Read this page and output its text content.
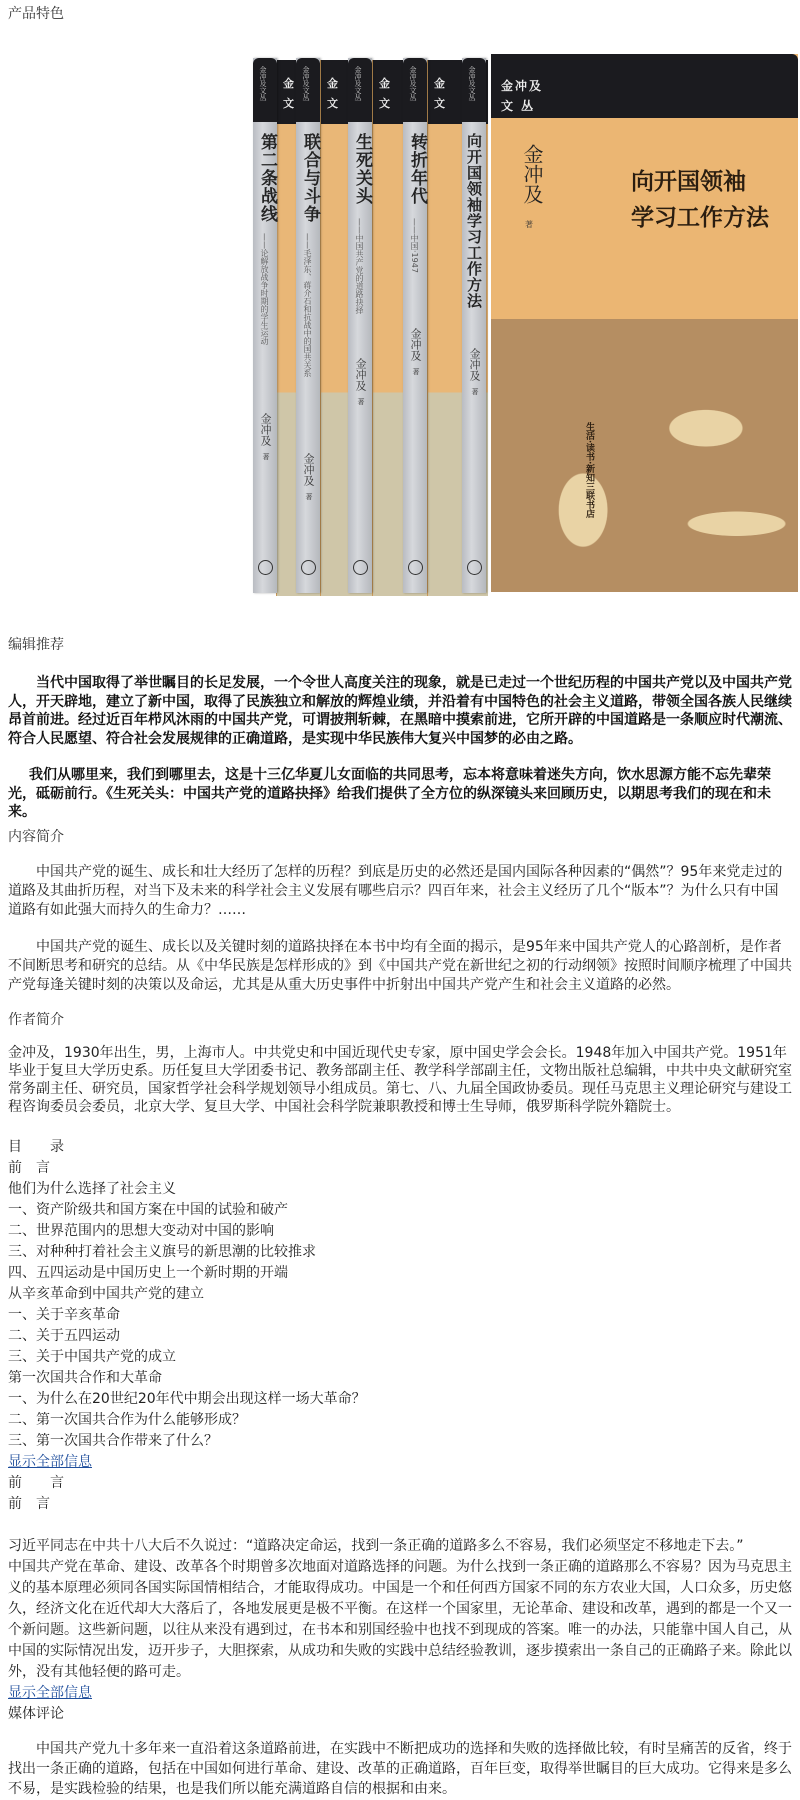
产品特色
金 文
金 文
金 文
金 文
金冲及文丛
第二条战线
——论解放战争时期的学生运动
金冲及
著
金冲及文丛
联合与斗争
——毛泽东、蒋介石和抗战中的国共关系
金冲及
著
金冲及文丛
生死关头
——中国共产党的道路抉择
金冲及
著
金冲及文丛
转折年代
——中国·1947
金冲及
著
金冲及文丛
向开国领袖学习工作方法
金冲及
著
金冲及
文 丛
金冲及
著
向开国领袖
学习工作方法
生活·读书·新知三联书店
编辑推荐
当代中国取得了举世瞩目的长足发展，一个令世人高度关注的现象，就是已走过一个世纪历程的中国共产党以及中国共产党人，开天辟地，建立了新中国，取得了民族独立和解放的辉煌业绩，并沿着有中国特色的社会主义道路，带领全国各族人民继续昂首前进。经过近百年栉风沐雨的中国共产党，可谓披荆斩棘，在黑暗中摸索前进，它所开辟的中国道路是一条顺应时代潮流、符合人民愿望、符合社会发展规律的正确道路，是实现中华民族伟大复兴中国梦的必由之路。
我们从哪里来，我们到哪里去，这是十三亿华夏儿女面临的共同思考，忘本将意味着迷失方向，饮水思源方能不忘先辈荣光，砥砺前行。《生死关头：中国共产党的道路抉择》给我们提供了全方位的纵深镜头来回顾历史，以期思考我们的现在和未来。
内容简介
中国共产党的诞生、成长和壮大经历了怎样的历程？到底是历史的必然还是国内国际各种因素的“偶然”？95年来党走过的道路及其曲折历程，对当下及未来的科学社会主义发展有哪些启示？四百年来，社会主义经历了几个“版本”？为什么只有中国道路有如此强大而持久的生命力？……
中国共产党的诞生、成长以及关键时刻的道路抉择在本书中均有全面的揭示，是95年来中国共产党人的心路剖析，是作者不间断思考和研究的总结。从《中华民族是怎样形成的》到《中国共产党在新世纪之初的行动纲领》按照时间顺序梳理了中国共产党每逢关键时刻的决策以及命运，尤其是从重大历史事件中折射出中国共产党产生和社会主义道路的必然。
作者简介
金冲及，1930年出生，男，上海市人。中共党史和中国近现代史专家，原中国史学会会长。1948年加入中国共产党。1951年毕业于复旦大学历史系。历任复旦大学团委书记、教务部副主任、教学科学部副主任，文物出版社总编辑，中共中央文献研究室常务副主任、研究员，国家哲学社会科学规划领导小组成员。第七、八、九届全国政协委员。现任马克思主义理论研究与建设工程咨询委员会委员，北京大学、复旦大学、中国社会科学院兼职教授和博士生导师，俄罗斯科学院外籍院士。
目　　录
前　言
他们为什么选择了社会主义
一、资产阶级共和国方案在中国的试验和破产
二、世界范围内的思想大变动对中国的影响
三、对种种打着社会主义旗号的新思潮的比较推求
四、五四运动是中国历史上一个新时期的开端
从辛亥革命到中国共产党的建立
一、关于辛亥革命
二、关于五四运动
三、关于中国共产党的成立
第一次国共合作和大革命
一、为什么在20世纪20年代中期会出现这样一场大革命？
二、第一次国共合作为什么能够形成？
三、第一次国共合作带来了什么？
显示全部信息
前　　言
前　言
习近平同志在中共十八大后不久说过：“道路决定命运，找到一条正确的道路多么不容易，我们必须坚定不移地走下去。”
中国共产党在革命、建设、改革各个时期曾多次地面对道路选择的问题。为什么找到一条正确的道路那么不容易？因为马克思主义的基本原理必须同各国实际国情相结合，才能取得成功。中国是一个和任何西方国家不同的东方农业大国，人口众多，历史悠久，经济文化在近代却大大落后了，各地发展更是极不平衡。在这样一个国家里，无论革命、建设和改革，遇到的都是一个又一个新问题。这些新问题，以往从来没有遇到过，在书本和别国经验中也找不到现成的答案。唯一的办法，只能靠中国人自己，从中国的实际情况出发，迈开步子，大胆探索，从成功和失败的实践中总结经验教训，逐步摸索出一条自己的正确路子来。除此以外，没有其他轻便的路可走。
显示全部信息
媒体评论
中国共产党九十多年来一直沿着这条道路前进，在实践中不断把成功的选择和失败的选择做比较，有时呈痛苦的反省，终于找出一条正确的道路，包括在中国如何进行革命、建设、改革的正确道路，百年巨变，取得举世瞩目的巨大成功。它得来是多么不易，是实践检验的结果，也是我们所以能充满道路自信的根据和由来。
